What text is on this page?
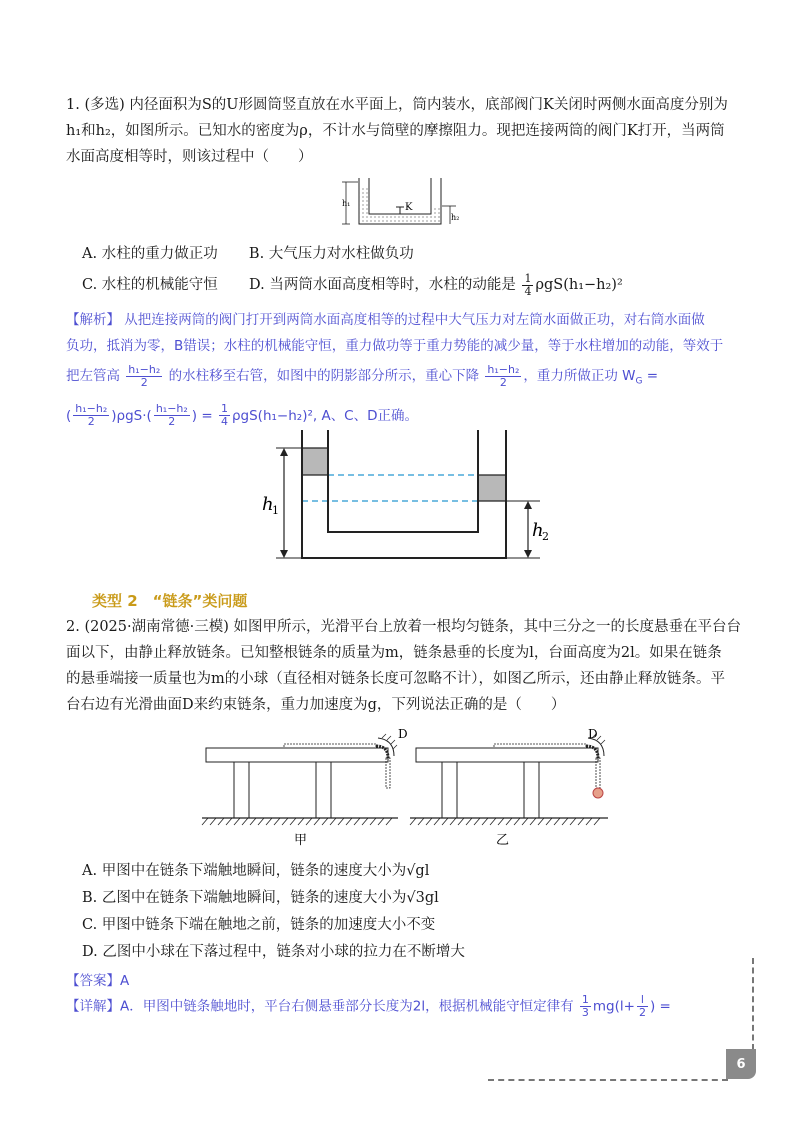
1. (多选) 内径面积为S的U形圆筒竖直放在水平面上，筒内装水，底部阀门K关闭时两侧水面高度分别为

h₁和h₂，如图所示。已知水的密度为ρ，不计水与筒壁的摩擦阻力。现把连接两筒的阀门K打开，当两筒

水面高度相等时，则该过程中（　　）

K
h₁
h₂
A. 水柱的重力做正功 B. 大气压力对水柱做负功
C. 水柱的机械能守恒 D. 当两筒水面高度相等时，水柱的动能是 $\frac{1}{4} \rho gS(h_1-h_2)^2$

【解析】 从把连接两筒的阀门打开到两筒水面高度相等的过程中大气压力对左筒水面做正功，对右筒水面做

负功，抵消为零，B错误；水柱的机械能守恒，重力做功等于重力势能的减少量，等于水柱增加的动能，等效于

把左管高 $\frac{\text{h₁−h₂}}{2}$ 的水柱移至右管，如图中的阴影部分所示，重心下降 $\frac{\text{h₁−h₂}}{2}$ ，重力所做正功 $W_G$ =

( $\frac{\text{h₁−h₂}}{2} )\rho gS\cdot( \frac{\text{h₁−h₂}}{2}$ ) = $\frac{1}{4} \rho gS(h_1-h_2)^2$, A、C、D正确。

h
1
h
2
类型 2　“链条”类问题

2. (2025·湖南常德·三模) 如图甲所示，光滑平台上放着一根均匀链条，其中三分之一的长度悬垂在平台台

面以下，由静止释放链条。已知整根链条的质量为m，链条悬垂的长度为l，台面高度为2l。如果在链条

的悬垂端接一质量也为m的小球（直径相对链条长度可忽略不计），如图乙所示，还由静止释放链条。平

台右边有光滑曲面D来约束链条，重力加速度为g，下列说法正确的是（　　）

D
甲
D
乙
A. 甲图中在链条下端触地瞬间，链条的速度大小为√gl
B. 乙图中在链条下端触地瞬间，链条的速度大小为√3gl
C. 甲图中链条下端在触地之前，链条的加速度大小不变
D. 乙图中小球在下落过程中，链条对小球的拉力在不断增大
【答案】A
【详解】A．甲图中链条触地时，平台右侧悬垂部分长度为2l，根据机械能守恒定律有 $\frac{1}{3} mg(l+ \frac{l}{2}$ ) =
6
